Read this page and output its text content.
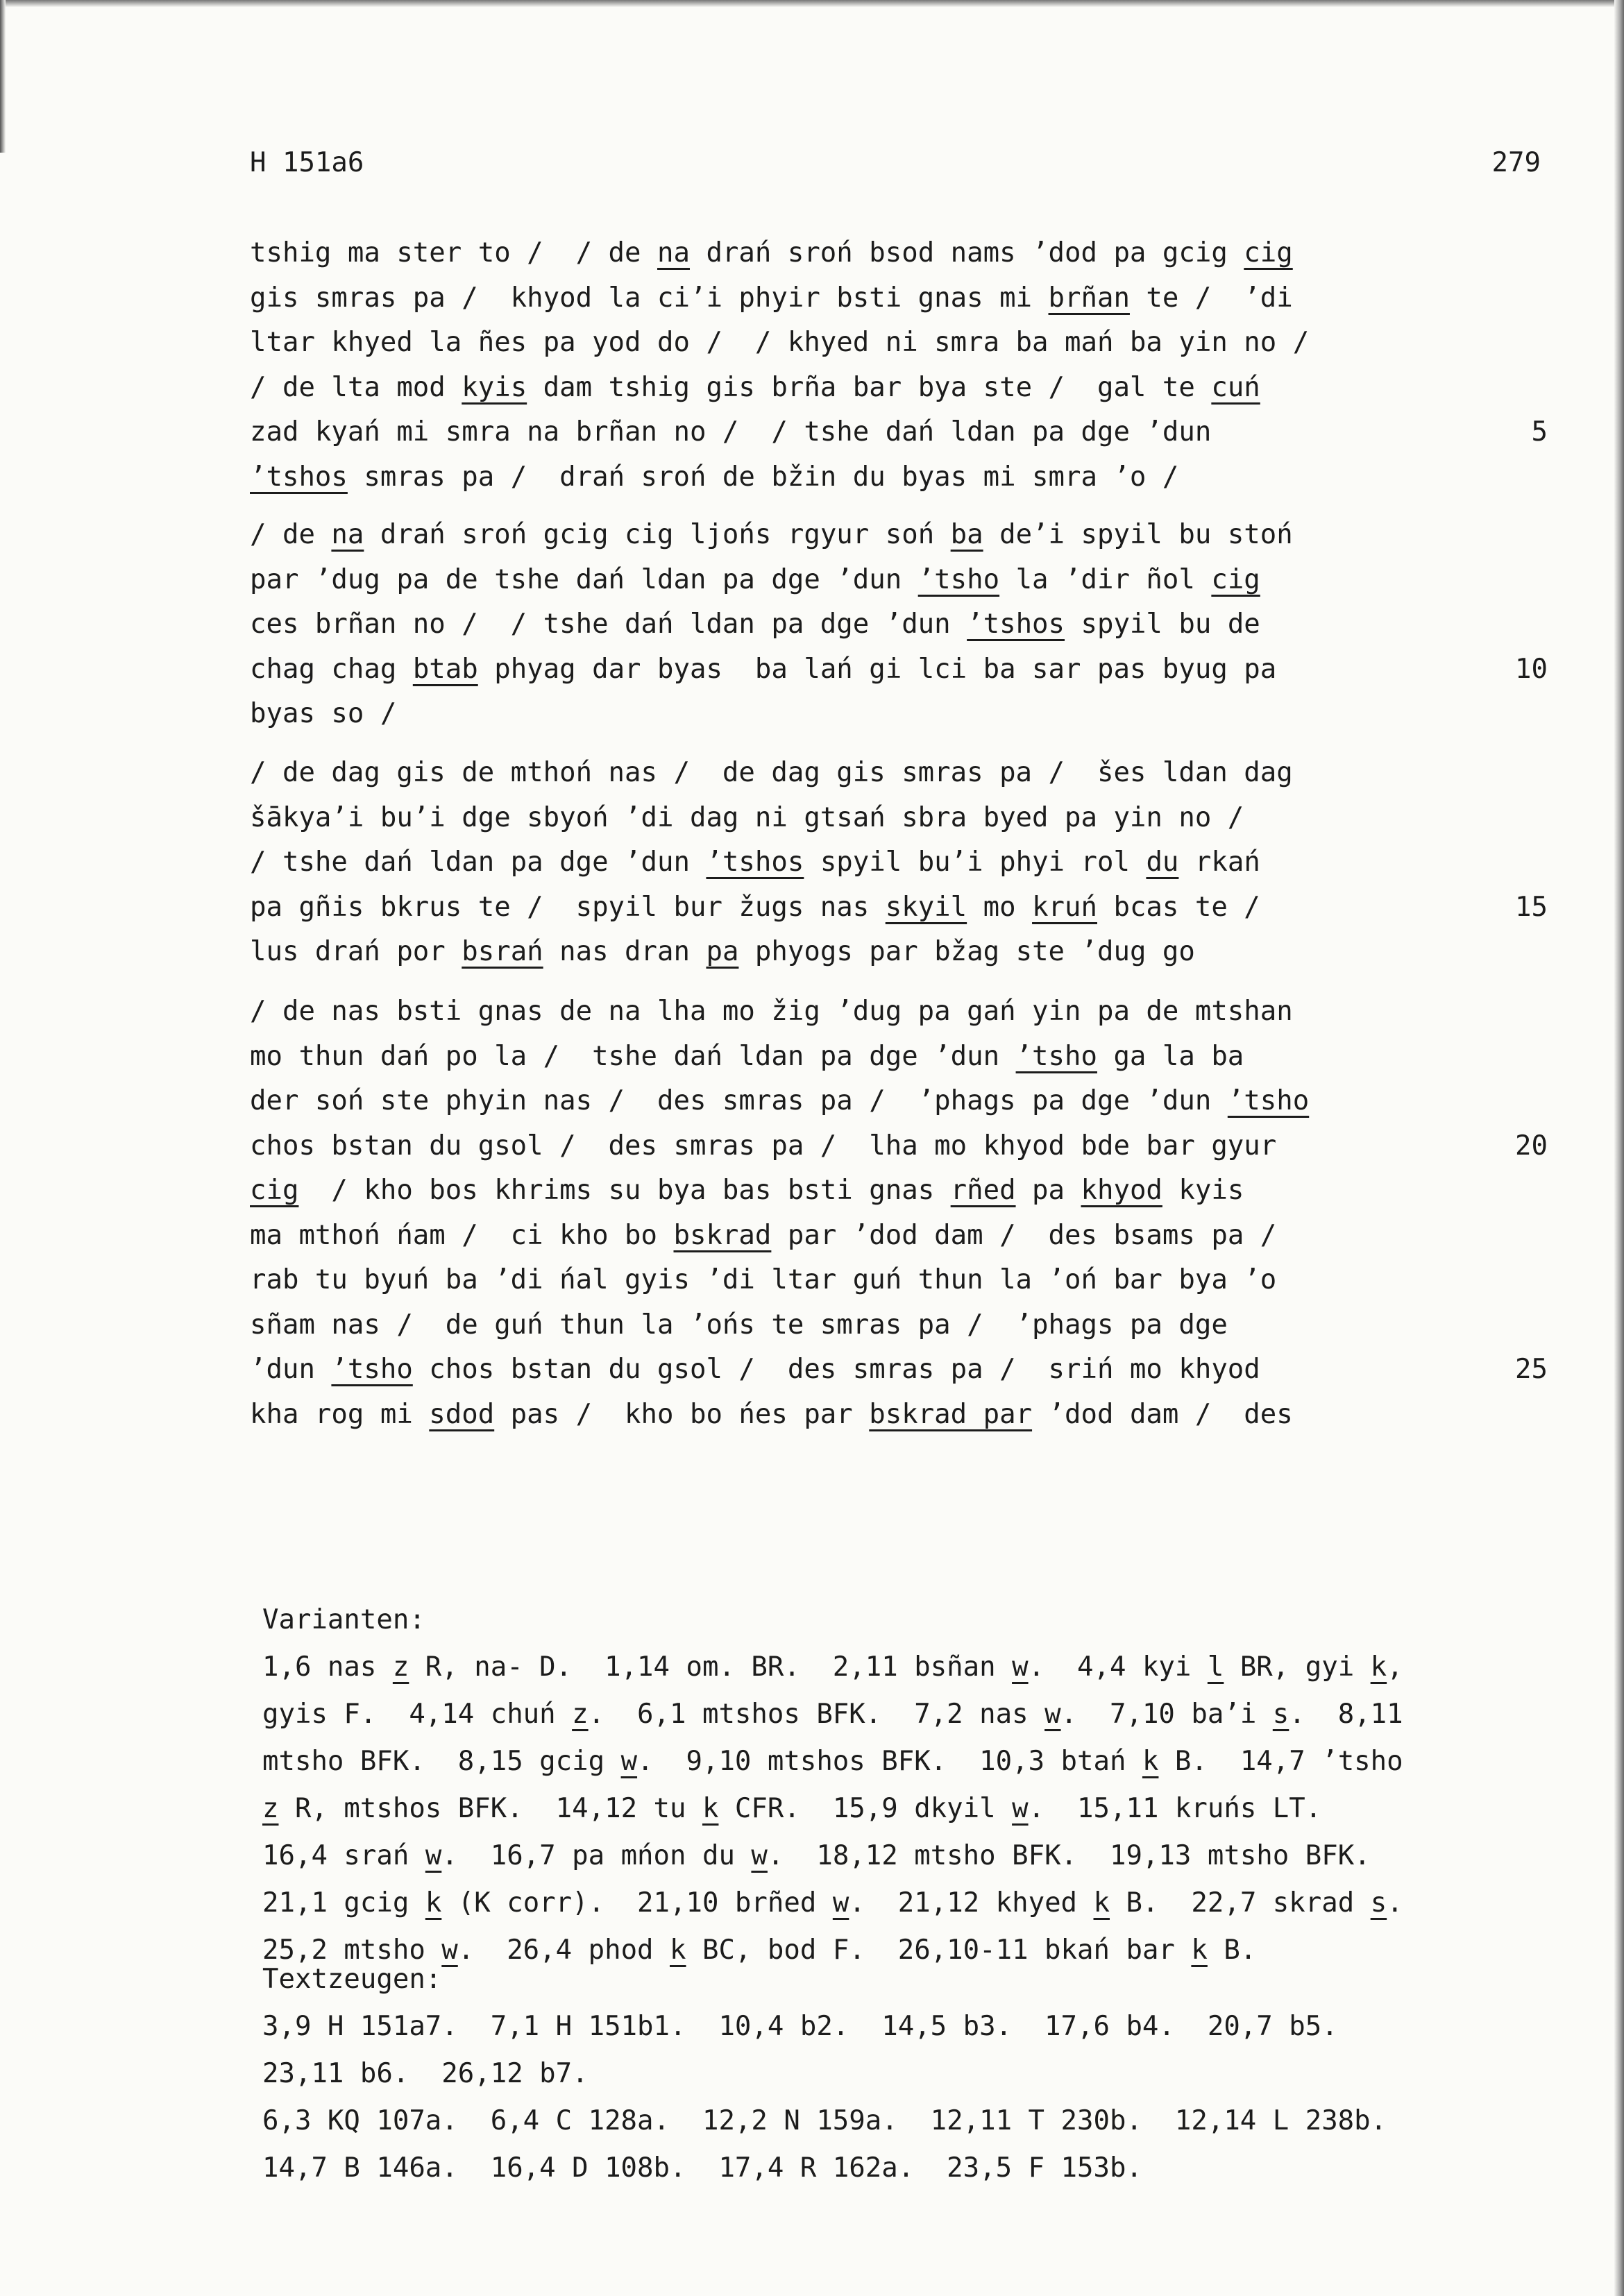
H 151a6	279
tshig ma ster to /  / de na drań sroń bsod nams ’dod pa gcig cig
gis smras pa /  khyod la ci’i phyir bsti gnas mi brñan te /  ’di
ltar khyed la ñes pa yod do /  / khyed ni smra ba mań ba yin no /
/ de lta mod kyis dam tshig gis brña bar bya ste /  gal te cuń
zad kyań mi smra na brñan no /  / tshe dań ldan pa dge ’dun	5
’tshos smras pa /  drań sroń de bžin du byas mi smra ’o /
/ de na drań sroń gcig cig ljońs rgyur soń ba de’i spyil bu stoń
par ’dug pa de tshe dań ldan pa dge ’dun ’tsho la ’dir ñol cig
ces brñan no /  / tshe dań ldan pa dge ’dun ’tshos spyil bu de
chag chag btab phyag dar byas  ba lań gi lci ba sar pas byug pa	10
byas so /
/ de dag gis de mthoń nas /  de dag gis smras pa /  šes ldan dag
šākya’i bu’i dge sbyoń ’di dag ni gtsań sbra byed pa yin no /
/ tshe dań ldan pa dge ’dun ’tshos spyil bu’i phyi rol du rkań
pa gñis bkrus te /  spyil bur žugs nas skyil mo kruń bcas te /	15
lus drań por bsrań nas dran pa phyogs par bžag ste ’dug go
/ de nas bsti gnas de na lha mo žig ’dug pa gań yin pa de mtshan
mo thun dań po la /  tshe dań ldan pa dge ’dun ’tsho ga la ba
der soń ste phyin nas /  des smras pa /  ’phags pa dge ’dun ’tsho
chos bstan du gsol /  des smras pa /  lha mo khyod bde bar gyur	20
cig  / kho bos khrims su bya bas bsti gnas rñed pa khyod kyis
ma mthoń ńam /  ci kho bo bskrad par ’dod dam /  des bsams pa /
rab tu byuń ba ’di ńal gyis ’di ltar guń thun la ’oń bar bya ’o
sñam nas /  de guń thun la ’ońs te smras pa /  ’phags pa dge
’dun ’tsho chos bstan du gsol /  des smras pa /  sriń mo khyod	25
kha rog mi sdod pas /  kho bo ńes par bskrad par ’dod dam /  des
Varianten:
1,6 nas z R, na- D.  1,14 om. BR.  2,11 bsñan w.  4,4 kyi l BR, gyi k,
gyis F.  4,14 chuń z.  6,1 mtshos BFK.  7,2 nas w.  7,10 ba’i s.  8,11
mtsho BFK.  8,15 gcig w.  9,10 mtshos BFK.  10,3 btań k B.  14,7 ’tsho
z R, mtshos BFK.  14,12 tu k CFR.  15,9 dkyil w.  15,11 kruńs LT.
16,4 srań w.  16,7 pa mńon du w.  18,12 mtsho BFK.  19,13 mtsho BFK.
21,1 gcig k (K corr).  21,10 brñed w.  21,12 khyed k B.  22,7 skrad s.
25,2 mtsho w.  26,4 phod k BC, bod F.  26,10-11 bkań bar k B.
Textzeugen:
3,9 H 151a7.  7,1 H 151b1.  10,4 b2.  14,5 b3.  17,6 b4.  20,7 b5.
23,11 b6.  26,12 b7.
6,3 KQ 107a.  6,4 C 128a.  12,2 N 159a.  12,11 T 230b.  12,14 L 238b.
14,7 B 146a.  16,4 D 108b.  17,4 R 162a.  23,5 F 153b.
